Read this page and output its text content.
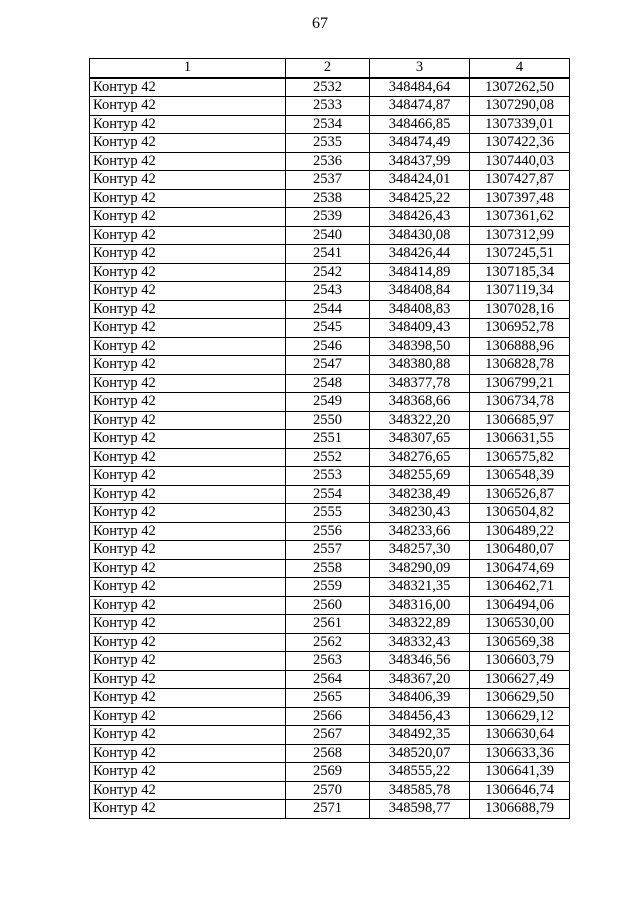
67
1	2	3	4
Контур 42	2532	348484,64	1307262,50
Контур 42	2533	348474,87	1307290,08
Контур 42	2534	348466,85	1307339,01
Контур 42	2535	348474,49	1307422,36
Контур 42	2536	348437,99	1307440,03
Контур 42	2537	348424,01	1307427,87
Контур 42	2538	348425,22	1307397,48
Контур 42	2539	348426,43	1307361,62
Контур 42	2540	348430,08	1307312,99
Контур 42	2541	348426,44	1307245,51
Контур 42	2542	348414,89	1307185,34
Контур 42	2543	348408,84	1307119,34
Контур 42	2544	348408,83	1307028,16
Контур 42	2545	348409,43	1306952,78
Контур 42	2546	348398,50	1306888,96
Контур 42	2547	348380,88	1306828,78
Контур 42	2548	348377,78	1306799,21
Контур 42	2549	348368,66	1306734,78
Контур 42	2550	348322,20	1306685,97
Контур 42	2551	348307,65	1306631,55
Контур 42	2552	348276,65	1306575,82
Контур 42	2553	348255,69	1306548,39
Контур 42	2554	348238,49	1306526,87
Контур 42	2555	348230,43	1306504,82
Контур 42	2556	348233,66	1306489,22
Контур 42	2557	348257,30	1306480,07
Контур 42	2558	348290,09	1306474,69
Контур 42	2559	348321,35	1306462,71
Контур 42	2560	348316,00	1306494,06
Контур 42	2561	348322,89	1306530,00
Контур 42	2562	348332,43	1306569,38
Контур 42	2563	348346,56	1306603,79
Контур 42	2564	348367,20	1306627,49
Контур 42	2565	348406,39	1306629,50
Контур 42	2566	348456,43	1306629,12
Контур 42	2567	348492,35	1306630,64
Контур 42	2568	348520,07	1306633,36
Контур 42	2569	348555,22	1306641,39
Контур 42	2570	348585,78	1306646,74
Контур 42	2571	348598,77	1306688,79
